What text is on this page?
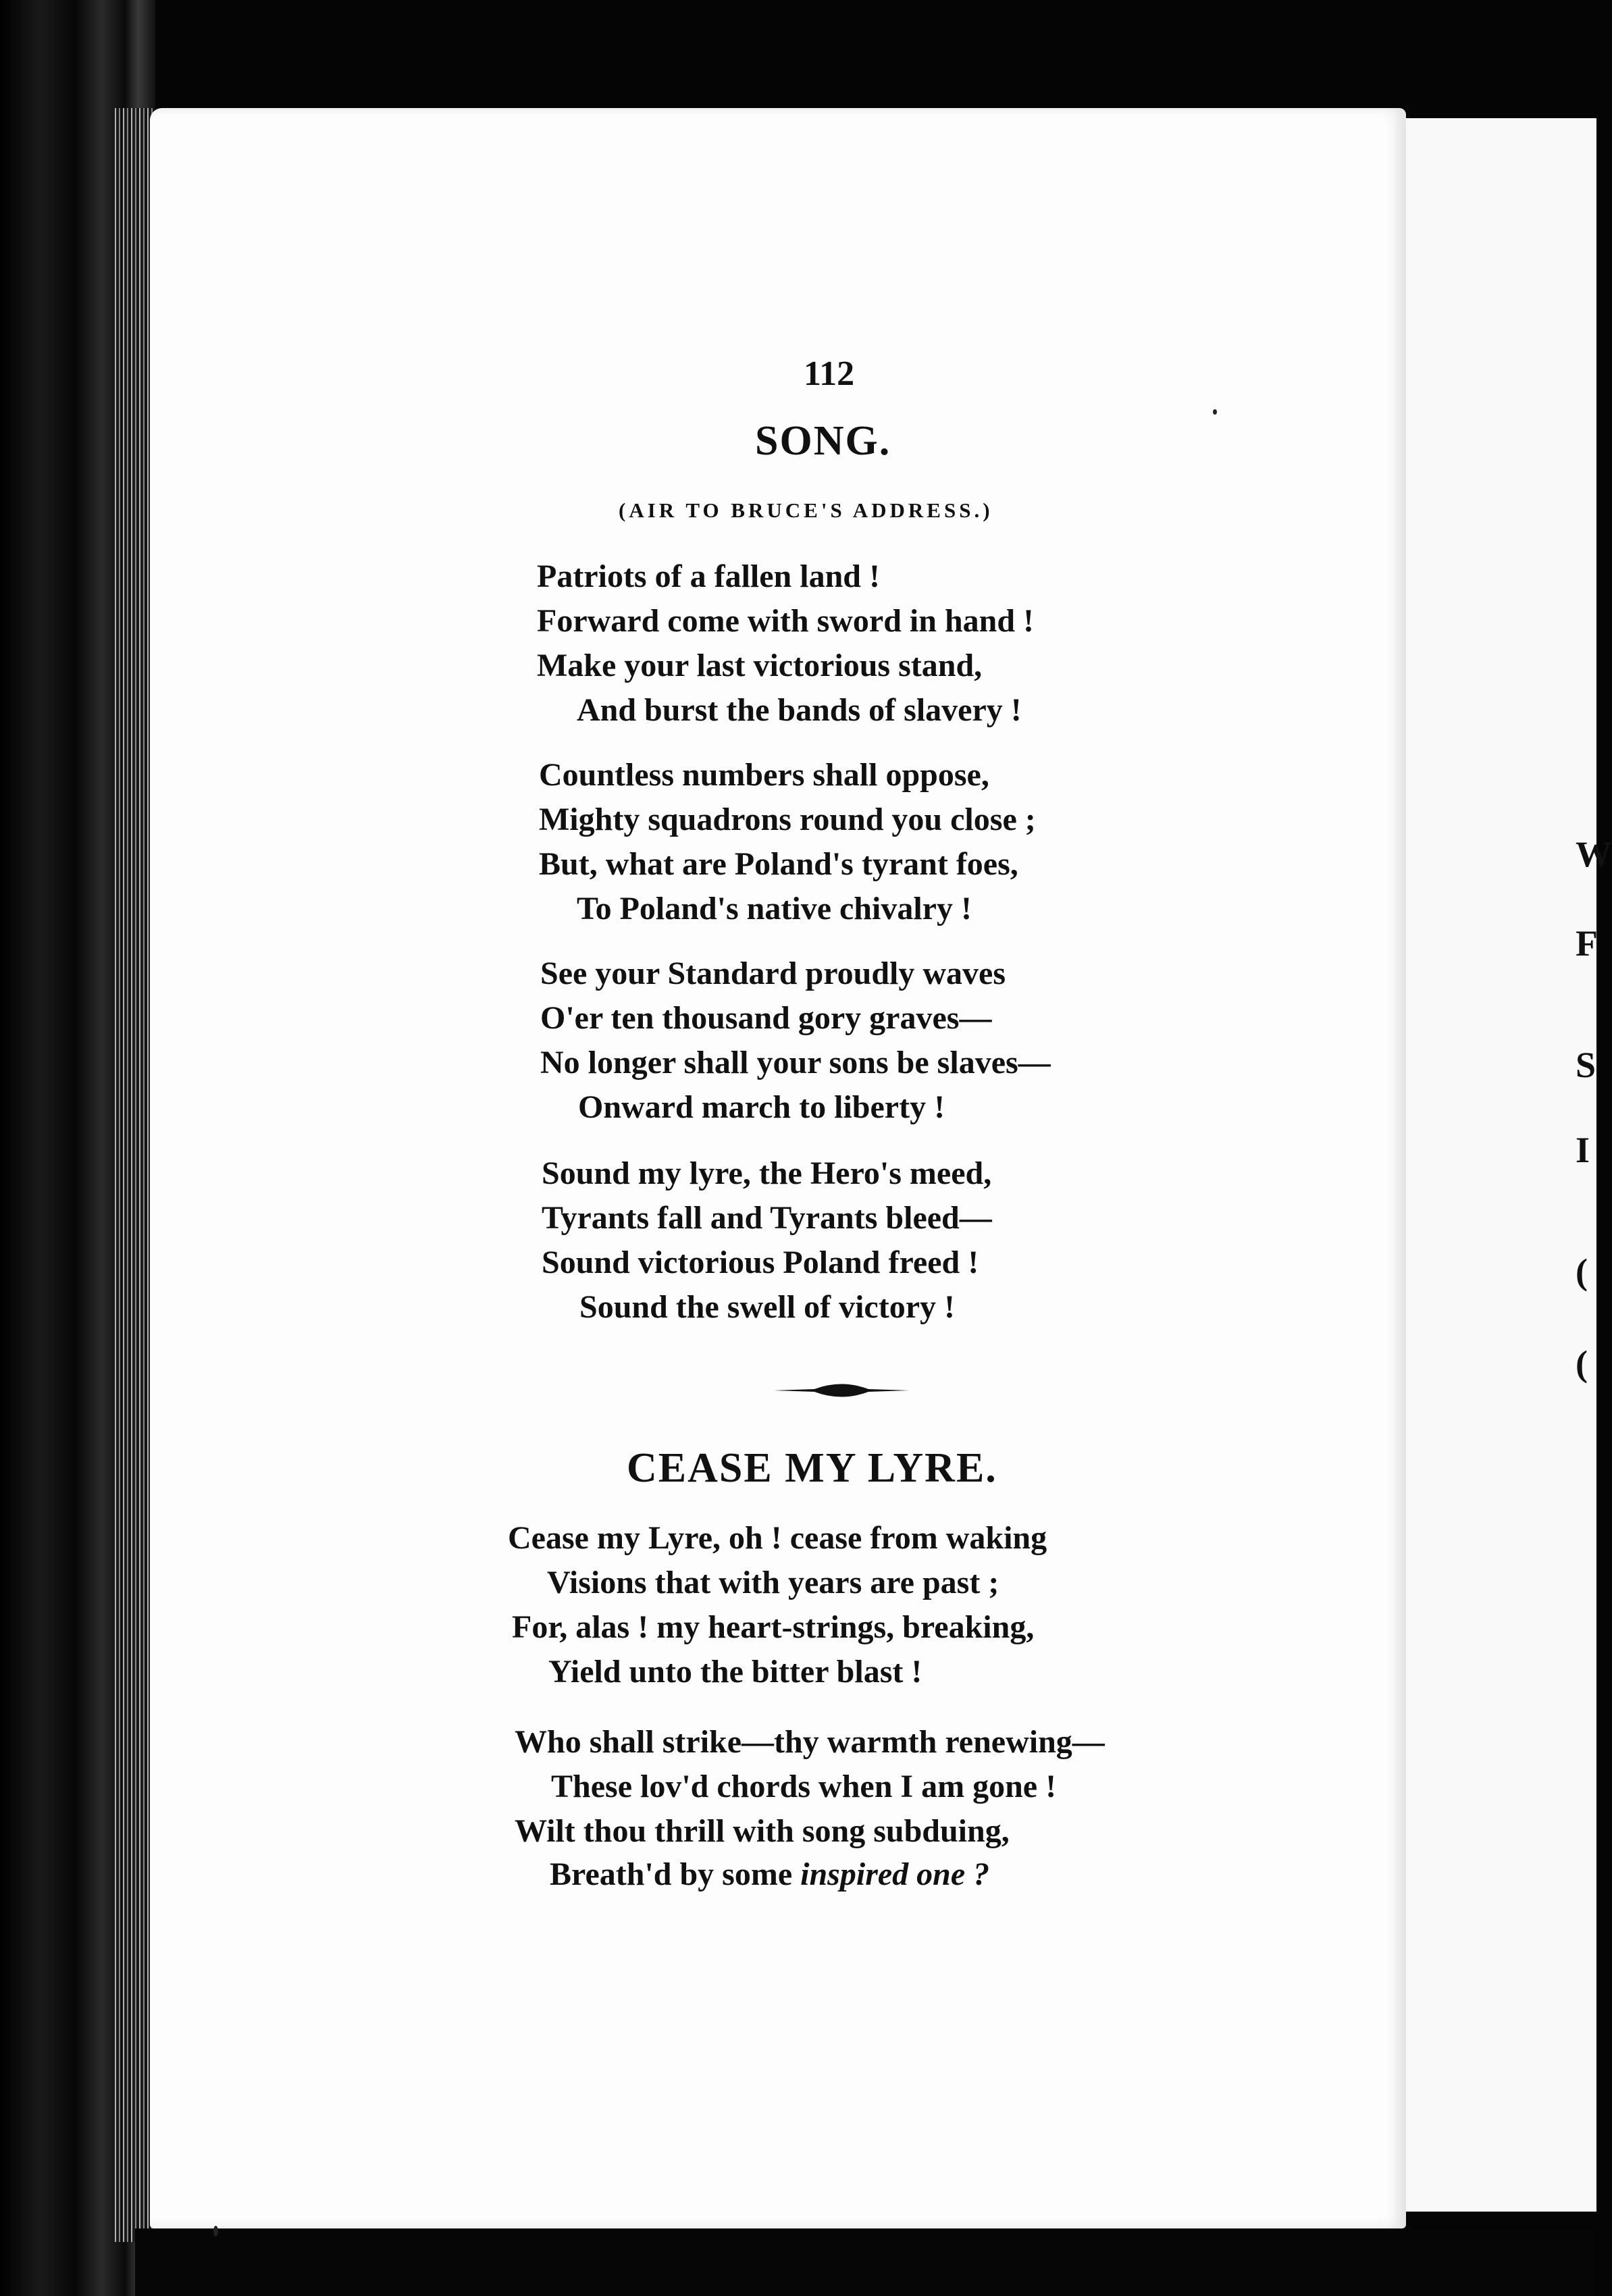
W
F
S
I
(
(
112
SONG.
(AIR TO BRUCE'S ADDRESS.)
Patriots of a fallen land !
Forward come with sword in hand !
Make your last victorious stand,
And burst the bands of slavery !
Countless numbers shall oppose,
Mighty squadrons round you close ;
But, what are Poland's tyrant foes,
To Poland's native chivalry !
See your Standard proudly waves
O'er ten thousand gory graves—
No longer shall your sons be slaves—
Onward march to liberty !
Sound my lyre, the Hero's meed,
Tyrants fall and Tyrants bleed—
Sound victorious Poland freed !
Sound the swell of victory !
CEASE MY LYRE.
Cease my Lyre, oh ! cease from waking
Visions that with years are past ;
For, alas ! my heart-strings, breaking,
Yield unto the bitter blast !
Who shall strike—thy warmth renewing—
These lov'd chords when I am gone !
Wilt thou thrill with song subduing,
Breath'd by some inspired one ?
